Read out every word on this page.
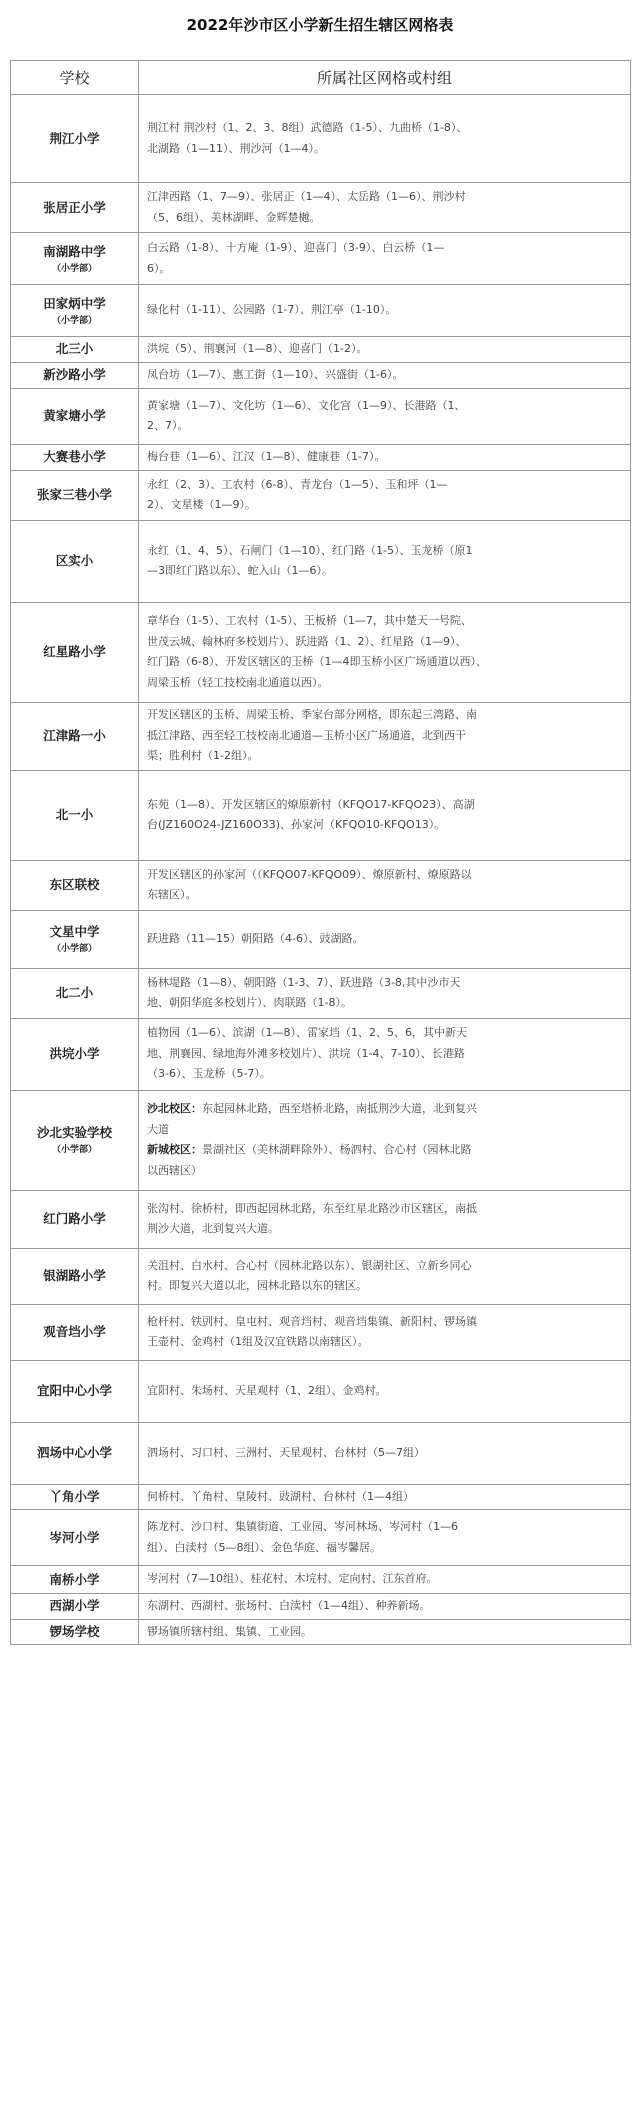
2022年沙市区小学新生招生辖区网格表
学校	所属社区网格或村组
荆江小学	荆江村 荆沙村（1、2、3、8组）武德路（1-5）、九曲桥（1-8）、
北湖路（1—11）、荆沙河（1—4）。

张居正小学	江津西路（1、7—9）、张居正（1—4）、太岳路（1—6）、荆沙村
（5、6组）、美林湖畔、金辉楚樾。

南湖路中学
（小学部）	白云路（1-8）、十方庵（1-9）、迎喜门（3-9）、白云桥（1—
6）。

田家炳中学
（小学部）	绿化村（1-11）、公园路（1-7）、荆江亭（1-10）。

北三小	洪垸（5）、荆襄河（1—8）、迎喜门（1-2）。

新沙路小学	凤台坊（1—7）、惠工街（1—10）、兴盛街（1-6）。

黄家塘小学	黄家塘（1—7）、文化坊（1—6）、文化宫（1—9）、长港路（1、
2、7）。

大赛巷小学	梅台巷（1—6）、江汉（1—8）、健康巷（1-7）。

张家三巷小学	永红（2、3）、工农村（6-8）、青龙台（1—5）、玉和坪（1—
2）、文星楼（1—9）。

区实小	永红（1、4、5）、石闸门（1—10）、红门路（1-5）、玉龙桥（原1
—3即红门路以东）、蛇入山（1—6）。

红星路小学	章华台（1-5）、工农村（1-5）、王板桥（1—7，其中楚天一号院、
世茂云城、翰林府多校划片）、跃进路（1、2）、红星路（1—9）、
红门路（6-8）、开发区辖区的玉桥（1—4即玉桥小区广场通道以西）、
周梁玉桥（轻工技校南北通道以西）。

江津路一小	开发区辖区的玉桥、周梁玉桥、季家台部分网格，即东起三湾路、南
抵江津路、西至轻工技校南北通道—玉桥小区广场通道，北到西干
渠；胜利村（1-2组）。

北一小	东苑（1—8）、开发区辖区的燎原新村（KFQO17-KFQO23）、高湖
台(JZ160O24-JZ160O33)、孙家河（KFQO10-KFQO13）。

东区联校	开发区辖区的孙家河（（KFQO07-KFQO09）、燎原新村、燎原路以
东辖区）。

文星中学
（小学部）	跃进路（11—15）朝阳路（4-6）、豉湖路。

北二小	杨林堤路（1—8）、朝阳路（1-3、7）、跃进路（3-8,其中沙市天
地、朝阳华庭多校划片）、肉联路（1-8）。

洪垸小学	植物园（1—6）、滨湖（1—8）、雷家垱（1、2、5、6，其中新天
地、荆襄园、绿地海外滩多校划片）、洪垸（1-4、7-10）、长港路
（3-6）、玉龙桥（5-7）。

沙北实验学校
（小学部）	沙北校区：东起园林北路，西至塔桥北路，南抵荆沙大道，北到复兴
大道
新城校区：景湖社区（美林湖畔除外）、杨泗村、合心村（园林北路
以西辖区）

红门路小学	张沟村、徐桥村，即西起园林北路，东至红星北路沙市区辖区，南抵
荆沙大道，北到复兴大道。

银湖路小学	关沮村、白水村、合心村（园林北路以东）、银湖社区、立新乡同心
村。即复兴大道以北，园林北路以东的辖区。

观音垱小学	枪杆村、铁剅村、皇屯村、观音垱村、观音垱集镇、新阳村、锣场镇
王壶村、金鸡村（1组及汉宜铁路以南辖区）。

宜阳中心小学	宜阳村、朱场村、天星观村（1、2组）、金鸡村。

泗场中心小学	泗场村、习口村、三洲村、天星观村、台林村（5—7组）

丫角小学	何桥村、丫角村、皇陵村、豉湖村、台林村（1—4组）

岑河小学	陈龙村、沙口村、集镇街道、工业园、岑河林场、岑河村（1—6
组）、白渎村（5—8组）、金色华庭、福岑馨居。

南桥小学	岑河村（7—10组）、桂花村、木垸村、定向村、江东首府。

西湖小学	东湖村、西湖村、张场村、白渎村（1—4组）、种养新场。

锣场学校	锣场镇所辖村组、集镇、工业园。
